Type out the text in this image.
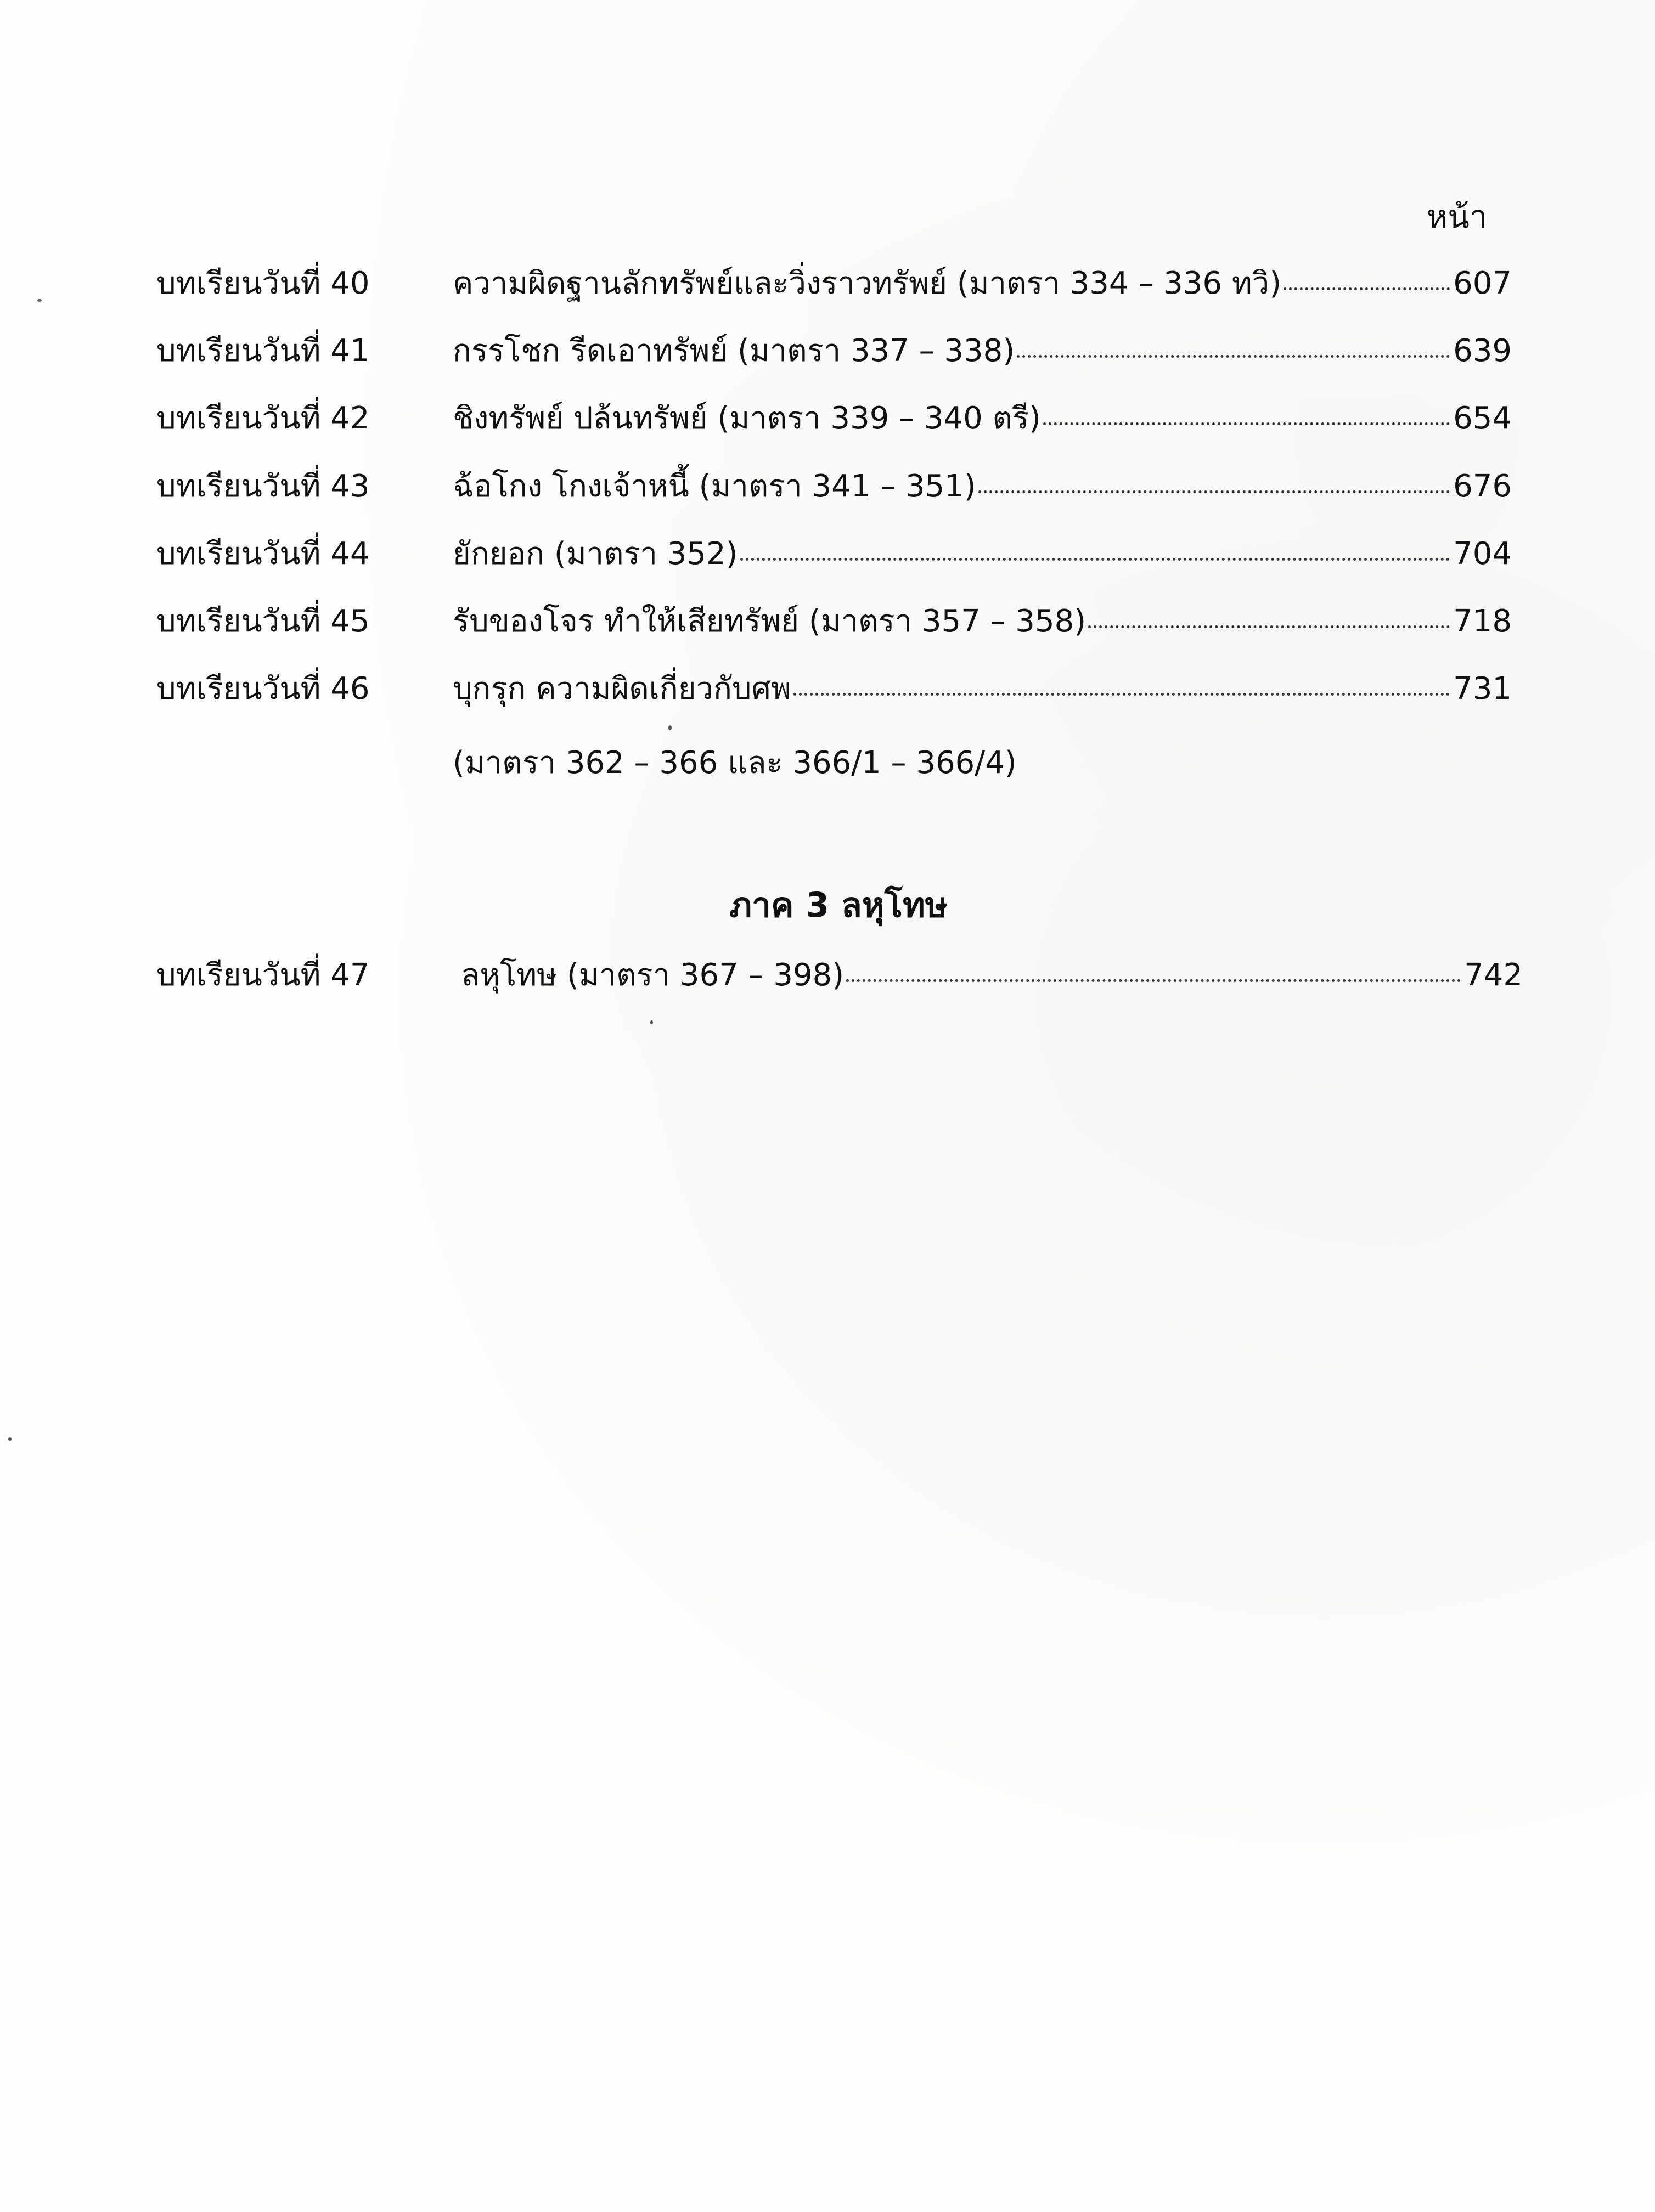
หน้า
บทเรียนวันที่ 40	ความผิดฐานลักทรัพย์และวิ่งราวทรัพย์ (มาตรา 334 – 336 ทวิ)	607
บทเรียนวันที่ 41	กรรโชก รีดเอาทรัพย์ (มาตรา 337 – 338)	639
บทเรียนวันที่ 42	ชิงทรัพย์ ปล้นทรัพย์ (มาตรา 339 – 340 ตรี)	654
บทเรียนวันที่ 43	ฉ้อโกง โกงเจ้าหนี้ (มาตรา 341 – 351)	676
บทเรียนวันที่ 44	ยักยอก (มาตรา 352)	704
บทเรียนวันที่ 45	รับของโจร ทำให้เสียทรัพย์ (มาตรา 357 – 358)	718
บทเรียนวันที่ 46	บุกรุก ความผิดเกี่ยวกับศพ	731
(มาตรา 362 – 366 และ 366/1 – 366/4)
ภาค 3 ลหุโทษ
บทเรียนวันที่ 47	ลหุโทษ (มาตรา 367 – 398)	742
